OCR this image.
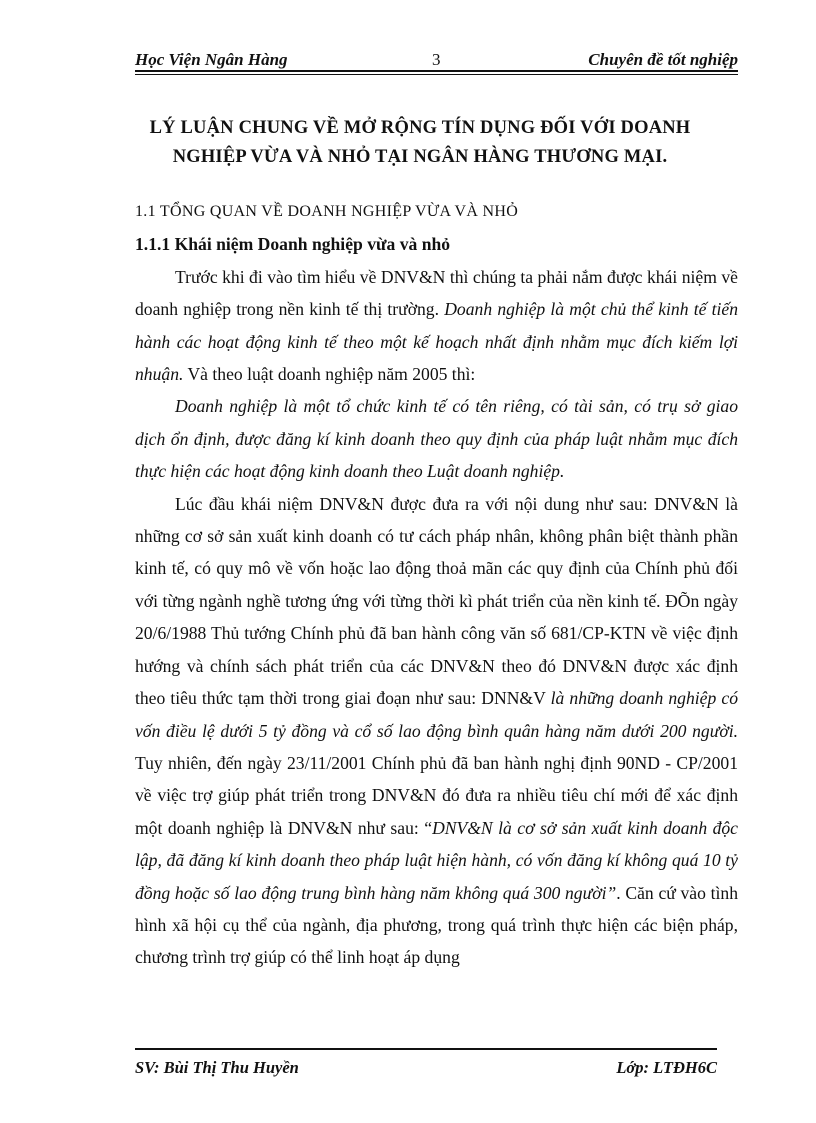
Học Viện Ngân Hàng	3	Chuyên đề tốt nghiệp
LÝ LUẬN CHUNG VỀ MỞ RỘNG TÍN DỤNG ĐỐI VỚI DOANH
NGHIỆP VỪA VÀ NHỎ TẠI NGÂN HÀNG THƯƠNG MẠI.

1.1 TỔNG QUAN VỀ DOANH NGHIỆP VỪA VÀ NHỎ

1.1.1 Khái niệm Doanh nghiệp vừa và nhỏ

Trước khi đi vào tìm hiểu về DNV&N thì chúng ta phải nắm được khái niệm về doanh nghiệp trong nền kinh tế thị trường. Doanh nghiệp là một chủ thể kinh tế tiến hành các hoạt động kinh tế theo một kế hoạch nhất định nhằm mục đích kiếm lợi nhuận. Và theo luật doanh nghiệp năm 2005 thì:

Doanh nghiệp là một tổ chức kinh tế có tên riêng, có tài sản, có trụ sở giao dịch ổn định, được đăng kí kinh doanh theo quy định của pháp luật nhằm mục đích thực hiện các hoạt động kinh doanh theo Luật doanh nghiệp.

Lúc đầu khái niệm DNV&N được đưa ra với nội dung như sau: DNV&N là những cơ sở sản xuất kinh doanh có tư cách pháp nhân, không phân biệt thành phần kinh tế, có quy mô về vốn hoặc lao động thoả mãn các quy định của Chính phủ đối với từng ngành nghề tương ứng với từng thời kì phát triển của nền kinh tế. ĐÕn ngày 20/6/1988 Thủ tướng Chính phủ đã ban hành công văn số 681/CP-KTN về việc định hướng và chính sách phát triển của các DNV&N theo đó DNV&N được xác định theo tiêu thức tạm thời trong giai đoạn như sau: DNN&V là những doanh nghiệp có vốn điều lệ dưới 5 tỷ đồng và cổ số lao động bình quân hàng năm dưới 200 người. Tuy nhiên, đến ngày 23/11/2001 Chính phủ đã ban hành nghị định 90ND - CP/2001 về việc trợ giúp phát triển trong DNV&N đó đưa ra nhiều tiêu chí mới để xác định một doanh nghiệp là DNV&N như sau: “DNV&N là cơ sở sản xuất kinh doanh độc lập, đã đăng kí kinh doanh theo pháp luật hiện hành, có vốn đăng kí không quá 10 tỷ đồng hoặc số lao động trung bình hàng năm không quá 300 người”. Căn cứ vào tình hình xã hội cụ thể của ngành, địa phương, trong quá trình thực hiện các biện pháp, chương trình trợ giúp có thể linh hoạt áp dụng

SV: Bùi Thị Thu Huyền	Lớp: LTĐH6C
